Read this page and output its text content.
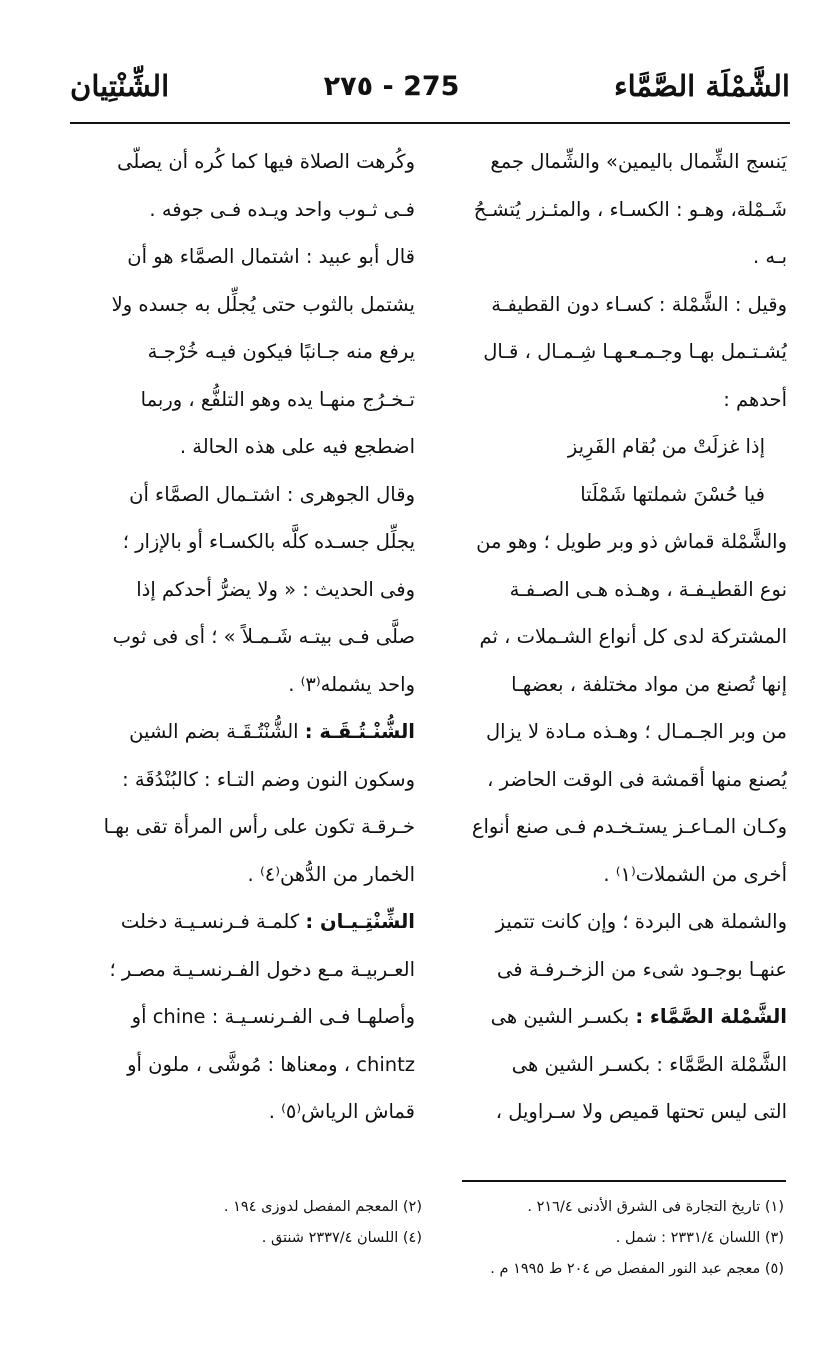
الشَّمْلَة الصَّمَّاء
٢٧٥ - 275
الشِّنْتِيان
يَنسج الشِّمال باليمين» والشِّمال جمع
شَـمْلة، وهـو : الكسـاء ، والمئـزر يُتشـحُ
بـه .
وقيل : الشَّمْلة : كسـاء دون القطيفـة
يُشـتـمل بهـا وجـمـعـهـا شِـمـال ، قـال
أحدهم :
إذا غزلَتْ من بُقام الفَرِيز
فيا حُسْنَ شملتها شَمْلَتا
والشَّمْلة قماش ذو وبر طويل ؛ وهو من
نوع القطيـفـة ، وهـذه هـى الصـفـة
المشتركة لدى كل أنواع الشـملات ، ثم
إنها تُصنع من مواد مختلفة ، بعضهـا
من وبر الجـمـال ؛ وهـذه مـادة لا يزال
يُصنع منها أقمشة فى الوقت الحاضر ،
وكـان المـاعـز يستـخـدم فـى صنع أنواع
أخرى من الشملات⁽١⁾ .
والشملة هى البردة ؛ وإن كانت تتميز
عنهـا بوجـود شىء من الزخـرفـة فى
الشَّمْلة الصَّمَّاء : بكسـر الشين هى
الشَّمْلة الصَّمَّاء : بكسـر الشين هى
التى ليس تحتها قميص ولا سـراويل ،
وكُرهت الصلاة فيها كما كُره أن يصلّى
فـى ثـوب واحد ويـده فـى جوفه .
قال أبو عبيد : اشتمال الصمَّاء هو أن
يشتمل بالثوب حتى يُجلِّل به جسده ولا
يرفع منه جـانبًا فيكون فيـه خُرْجـة
تـخـرُج منهـا يده وهو التلفُّع ، وربما
اضطجع فيه على هذه الحالة .
وقال الجوهرى : اشتـمال الصمَّاء أن
يجلِّل جسـده كلَّه بالكسـاء أو بالإزار ؛
وفى الحديث : « ولا يضرُّ أحدكم إذا
صلَّى فـى بيتـه شَـمـلاً » ؛ أى فى ثوب
واحد يشمله⁽٣⁾ .
الشُّنْـتُـقَـة : الشُّنْتُـقَـة بضم الشين
وسكون النون وضم التـاء : كالبُنْدُقَة :
خـرقـة تكون على رأس المرأة تقى بهـا
الخمار من الدُّهن⁽٤⁾ .
الشِّنْتِـيـان : كلمـة فـرنسـيـة دخلت
العـربيـة مـع دخول الفـرنسـيـة مصـر ؛
وأصلهـا فـى الفـرنسـيـة : chine أو
chintz ، ومعناها : مُوشَّى ، ملون أو
قماش الرياش⁽٥⁾ .
(١) تاريخ التجارة فى الشرق الأدنى ٢١٦/٤ .
(٢) المعجم المفصل لدوزى ١٩٤ .
(٣) اللسان ٢٣٣١/٤ : شمل .
(٤) اللسان ٢٣٣٧/٤ شنتق .
(٥) معجم عبد النور المفصل ص ٢٠٤ ط ١٩٩٥ م .
